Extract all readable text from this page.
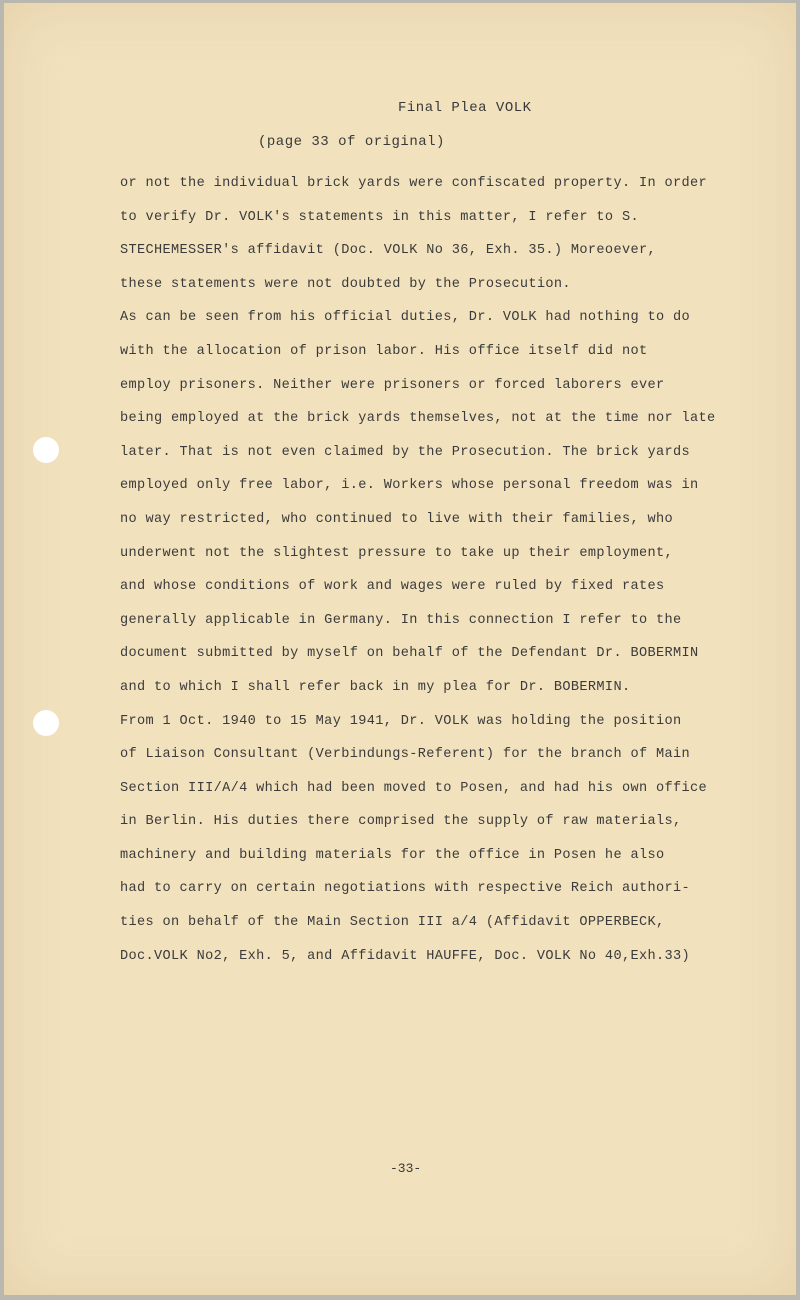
Final Plea VOLK
(page 33 of original)
or not the individual brick yards were confiscated property. In order
to verify Dr. VOLK's statements in this matter, I refer to S.
STECHEMESSER's affidavit (Doc. VOLK No 36, Exh. 35.) Moreoever,
these statements were not doubted by the Prosecution.
As can be seen from his official duties, Dr. VOLK had nothing to do
with the allocation of prison labor. His office itself did not
employ prisoners. Neither were prisoners or forced laborers ever
being employed at the brick yards themselves, not at the time nor late
later. That is not even claimed by the Prosecution. The brick yards
employed only free labor, i.e. Workers whose personal freedom was in
no way restricted, who continued to live with their families, who
underwent not the slightest pressure to take up their employment,
and whose conditions of work and wages were ruled by fixed rates
generally applicable in Germany. In this connection I refer to the
document submitted by myself on behalf of the Defendant Dr. BOBERMIN
and to which I shall refer back in my plea for Dr. BOBERMIN.
From 1 Oct. 1940 to 15 May 1941, Dr. VOLK was holding the position
of Liaison Consultant (Verbindungs-Referent) for the branch of Main
Section III/A/4 which had been moved to Posen, and had his own office
in Berlin. His duties there comprised the supply of raw materials,
machinery and building materials for the office in Posen he also
had to carry on certain negotiations with respective Reich authori-
ties on behalf of the Main Section III a/4 (Affidavit OPPERBECK,
Doc.VOLK No2, Exh. 5, and Affidavit HAUFFE, Doc. VOLK No 40,Exh.33)
-33-
